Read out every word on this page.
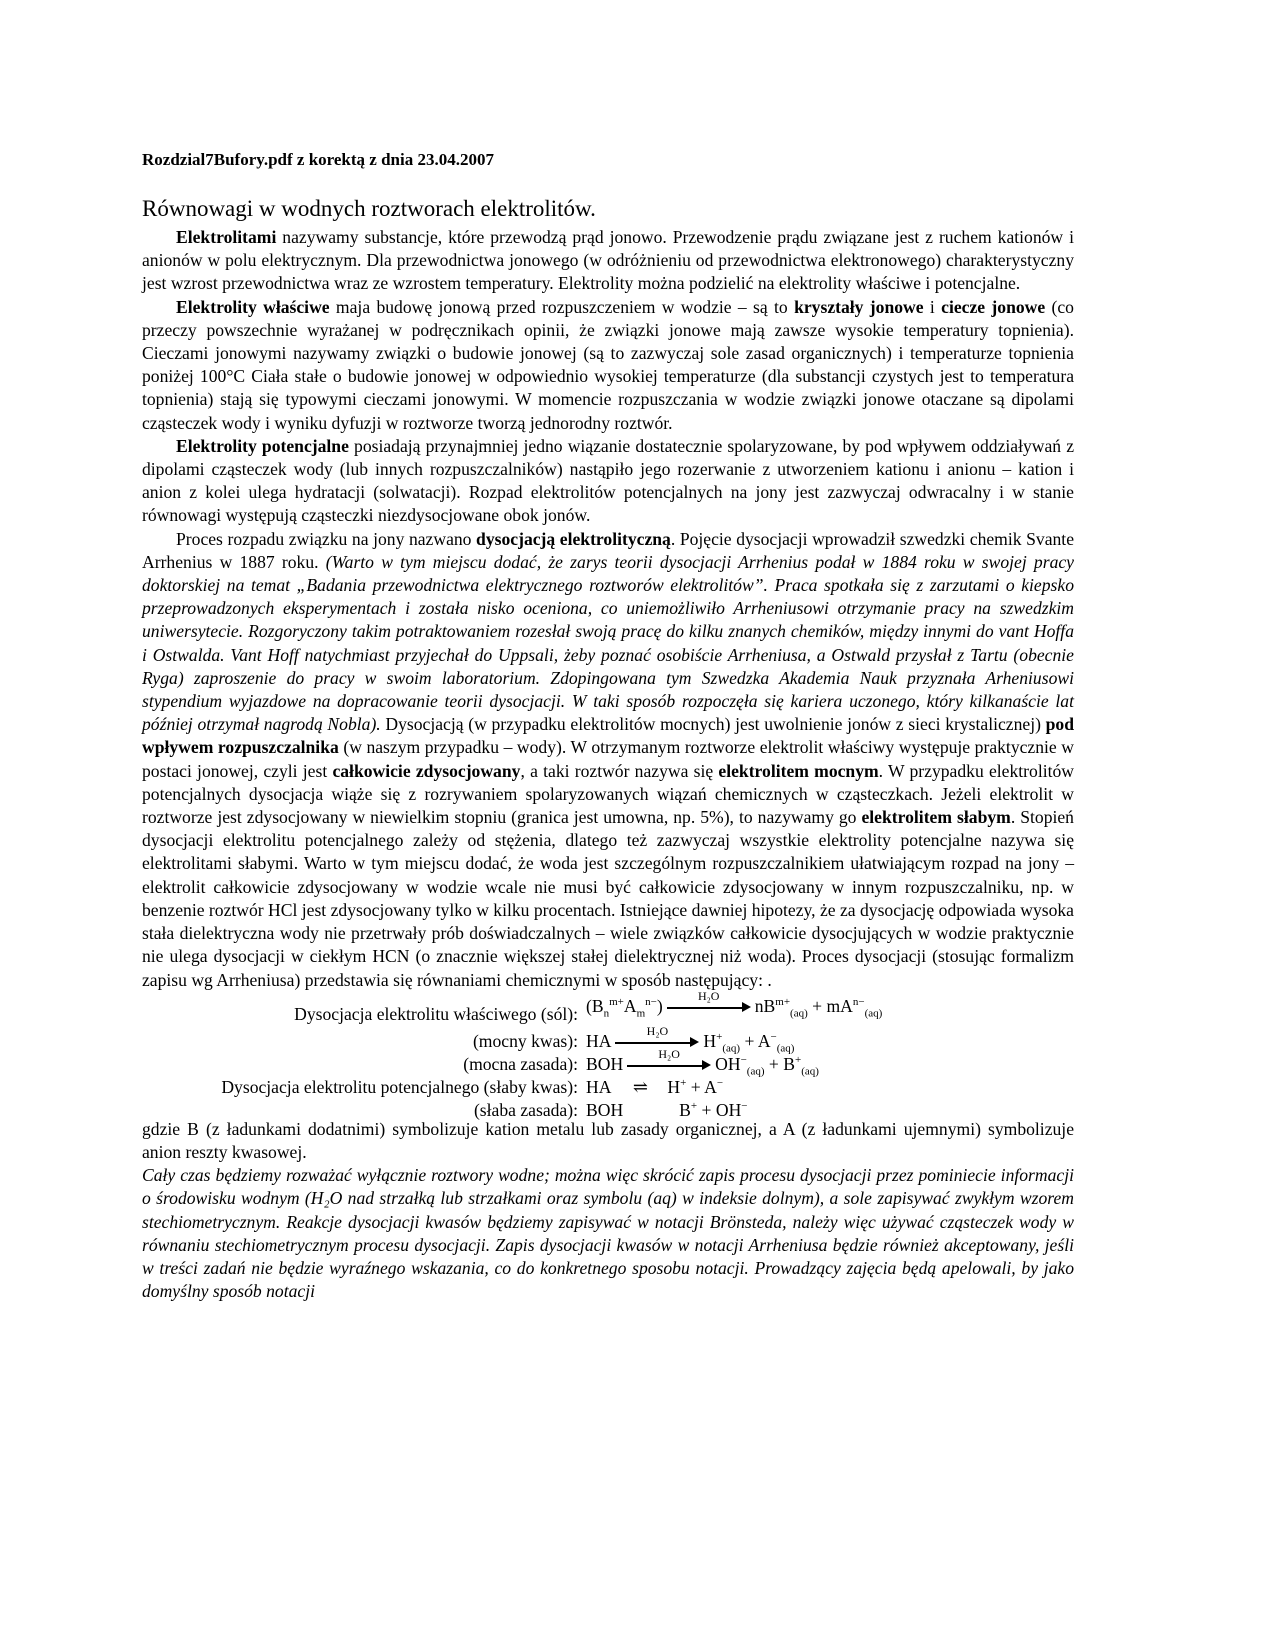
Rozdzial7Bufory.pdf z korektą z dnia 23.04.2007
Równowagi w wodnych roztworach elektrolitów.

Elektrolitami nazywamy substancje, które przewodzą prąd jonowo. Przewodzenie prądu związane jest z ruchem kationów i anionów w polu elektrycznym. Dla przewodnictwa jonowego (w odróżnieniu od przewodnictwa elektronowego) charakterystyczny jest wzrost przewodnictwa wraz ze wzrostem temperatury. Elektrolity można podzielić na elektrolity właściwe i potencjalne.

Elektrolity właściwe maja budowę jonową przed rozpuszczeniem w wodzie – są to kryształy jonowe i ciecze jonowe (co przeczy powszechnie wyrażanej w podręcznikach opinii, że związki jonowe mają zawsze wysokie temperatury topnienia). Cieczami jonowymi nazywamy związki o budowie jonowej (są to zazwyczaj sole zasad organicznych) i temperaturze topnienia poniżej 100°C Ciała stałe o budowie jonowej w odpowiednio wysokiej temperaturze (dla substancji czystych jest to temperatura topnienia) stają się typowymi cieczami jonowymi. W momencie rozpuszczania w wodzie związki jonowe otaczane są dipolami cząsteczek wody i wyniku dyfuzji w roztworze tworzą jednorodny roztwór.

Elektrolity potencjalne posiadają przynajmniej jedno wiązanie dostatecznie spolaryzowane, by pod wpływem oddziaływań z dipolami cząsteczek wody (lub innych rozpuszczalników) nastąpiło jego rozerwanie z utworzeniem kationu i anionu – kation i anion z kolei ulega hydratacji (solwatacji). Rozpad elektrolitów potencjalnych na jony jest zazwyczaj odwracalny i w stanie równowagi występują cząsteczki niezdysocjowane obok jonów.

Proces rozpadu związku na jony nazwano dysocjacją elektrolityczną. Pojęcie dysocjacji wprowadził szwedzki chemik Svante Arrhenius w 1887 roku. (Warto w tym miejscu dodać, że zarys teorii dysocjacji Arrhenius podał w 1884 roku w swojej pracy doktorskiej na temat „Badania przewodnictwa elektrycznego roztworów elektrolitów”. Praca spotkała się z zarzutami o kiepsko przeprowadzonych eksperymentach i została nisko oceniona, co uniemożliwiło Arrheniusowi otrzymanie pracy na szwedzkim uniwersytecie. Rozgoryczony takim potraktowaniem rozesłał swoją pracę do kilku znanych chemików, między innymi do vant Hoffa i Ostwalda. Vant Hoff natychmiast przyjechał do Uppsali, żeby poznać osobiście Arrheniusa, a Ostwald przysłał z Tartu (obecnie Ryga) zaproszenie do pracy w swoim laboratorium. Zdopingowana tym Szwedzka Akademia Nauk przyznała Arheniusowi stypendium wyjazdowe na dopracowanie teorii dysocjacji. W taki sposób rozpoczęła się kariera uczonego, który kilkanaście lat później otrzymał nagrodą Nobla). Dysocjacją (w przypadku elektrolitów mocnych) jest uwolnienie jonów z sieci krystalicznej) pod wpływem rozpuszczalnika (w naszym przypadku – wody). W otrzymanym roztworze elektrolit właściwy występuje praktycznie w postaci jonowej, czyli jest całkowicie zdysocjowany, a taki roztwór nazywa się elektrolitem mocnym. W przypadku elektrolitów potencjalnych dysocjacja wiąże się z rozrywaniem spolaryzowanych wiązań chemicznych w cząsteczkach. Jeżeli elektrolit w roztworze jest zdysocjowany w niewielkim stopniu (granica jest umowna, np. 5%), to nazywamy go elektrolitem słabym. Stopień dysocjacji elektrolitu potencjalnego zależy od stężenia, dlatego też zazwyczaj wszystkie elektrolity potencjalne nazywa się elektrolitami słabymi. Warto w tym miejscu dodać, że woda jest szczególnym rozpuszczalnikiem ułatwiającym rozpad na jony – elektrolit całkowicie zdysocjowany w wodzie wcale nie musi być całkowicie zdysocjowany w innym rozpuszczalniku, np. w benzenie roztwór HCl jest zdysocjowany tylko w kilku procentach. Istniejące dawniej hipotezy, że za dysocjację odpowiada wysoka stała dielektryczna wody nie przetrwały prób doświadczalnych – wiele związków całkowicie dysocjujących w wodzie praktycznie nie ulega dysocjacji w ciekłym HCN (o znacznie większej stałej dielektrycznej niż woda). Proces dysocjacji (stosując formalizm zapisu wg Arrheniusa) przedstawia się równaniami chemicznymi w sposób następujący: .

Dysocjacja elektrolitu właściwego (sól): $(B_n^{m+}A_m^{n-})$	H₂O	$nB^{m+}_{(aq)} + mA^{n-}_{(aq)}$
(mocny kwas): HA	H₂O	$H^+_{(aq)} + A^-_{(aq)}$
(mocna zasada): BOH	H₂O	$OH^-_{(aq)} + B^+_{(aq)}$
Dysocjacja elektrolitu potencjalnego (słaby kwas): HA ⇌ H+ + A−
(słaba zasada): BOH	B+ + OH−

gdzie B (z ładunkami dodatnimi) symbolizuje kation metalu lub zasady organicznej, a A (z ładunkami ujemnymi) symbolizuje anion reszty kwasowej.

Cały czas będziemy rozważać wyłącznie roztwory wodne; można więc skrócić zapis procesu dysocjacji przez pominiecie informacji o środowisku wodnym (H₂O nad strzałką lub strzałkami oraz symbolu (aq) w indeksie dolnym), a sole zapisywać zwykłym wzorem stechiometrycznym. Reakcje dysocjacji kwasów będziemy zapisywać w notacji Brönsteda, należy więc używać cząsteczek wody w równaniu stechiometrycznym procesu dysocjacji. Zapis dysocjacji kwasów w notacji Arrheniusa będzie również akceptowany, jeśli w treści zadań nie będzie wyraźnego wskazania, co do konkretnego sposobu notacji. Prowadzący zajęcia będą apelowali, by jako domyślny sposób notacji
